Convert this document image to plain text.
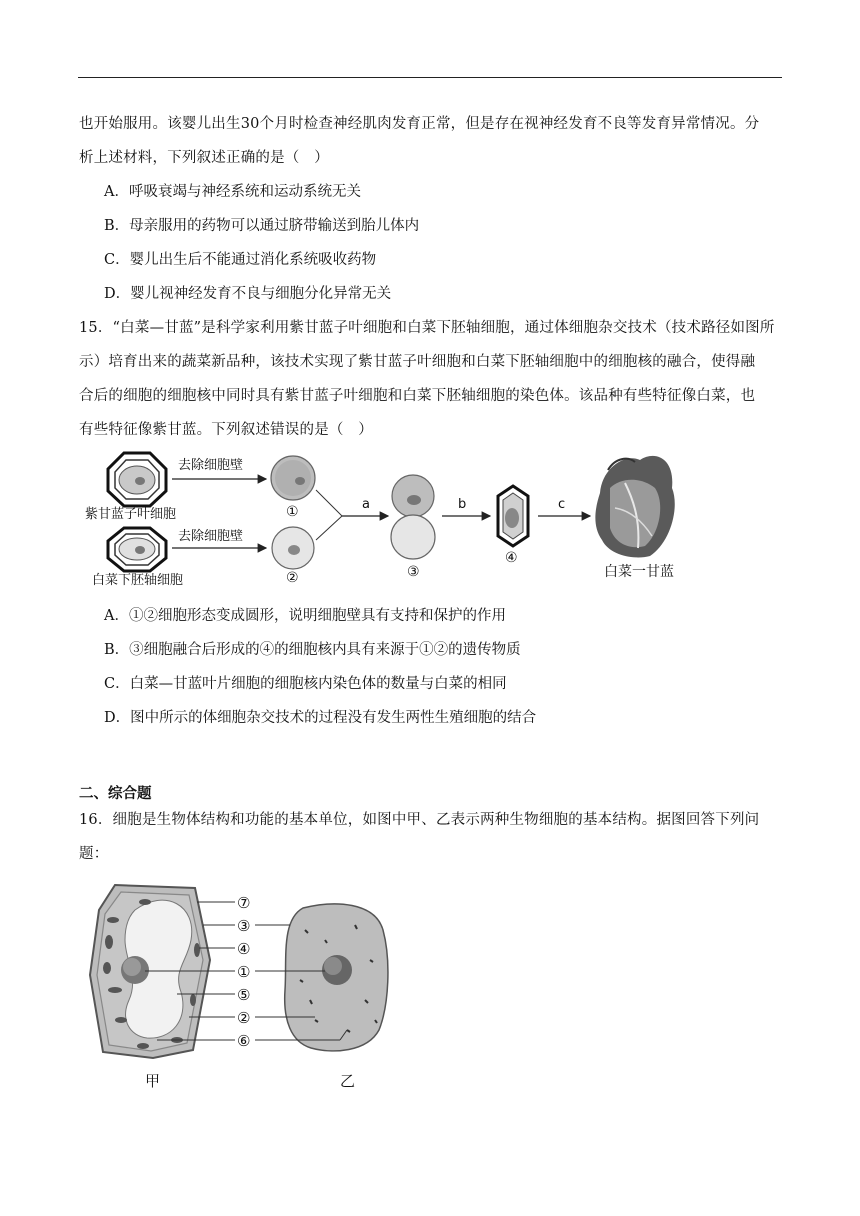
也开始服用。该婴儿出生30个月时检查神经肌肉发育正常，但是存在视神经发育不良等发育异常情况。分
析上述材料，下列叙述正确的是（　）
A．呼吸衰竭与神经系统和运动系统无关
B．母亲服用的药物可以通过脐带输送到胎儿体内
C．婴儿出生后不能通过消化系统吸收药物
D．婴儿视神经发育不良与细胞分化异常无关
15．“白菜—甘蓝”是科学家利用紫甘蓝子叶细胞和白菜下胚轴细胞，通过体细胞杂交技术（技术路径如图所
示）培育出来的蔬菜新品种，该技术实现了紫甘蓝子叶细胞和白菜下胚轴细胞中的细胞核的融合，使得融
合后的细胞的细胞核中同时具有紫甘蓝子叶细胞和白菜下胚轴细胞的染色体。该品种有些特征像白菜，也
有些特征像紫甘蓝。下列叙述错误的是（　）
紫甘蓝子叶细胞
去除细胞壁
①
白菜下胚轴细胞
去除细胞壁
②
a
③
b
④
c
白菜一甘蓝
A．①②细胞形态变成圆形，说明细胞壁具有支持和保护的作用
B．③细胞融合后形成的④的细胞核内具有来源于①②的遗传物质
C．白菜—甘蓝叶片细胞的细胞核内染色体的数量与白菜的相同
D．图中所示的体细胞杂交技术的过程没有发生两性生殖细胞的结合
二、综合题
16．细胞是生物体结构和功能的基本单位，如图中甲、乙表示两种生物细胞的基本结构。据图回答下列问
题：
甲	乙
⑦
③
④
①
⑤
②
⑥
